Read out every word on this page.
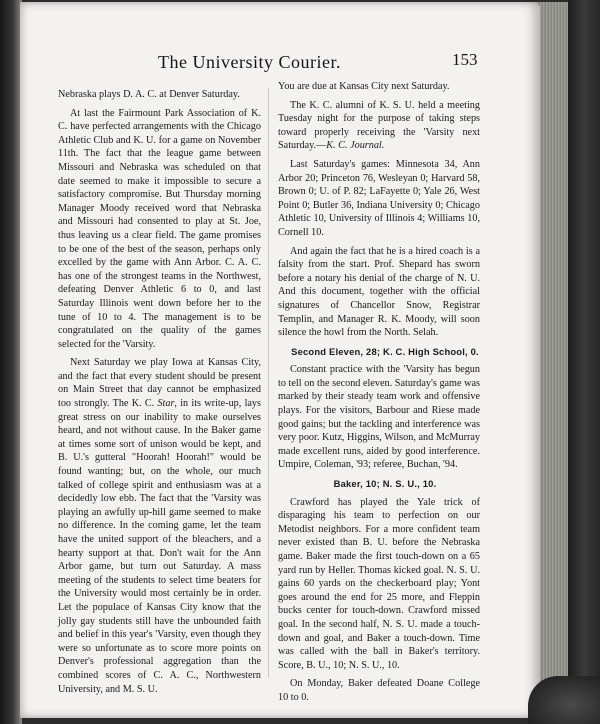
The University Courier.	153

Nebraska plays D. A. C. at Denver Saturday.

At last the Fairmount Park Association of K. C. have perfected arrangements with the Chicago Athletic Club and K. U. for a game on November 11th. The fact that the league game between Missouri and Nebraska was scheduled on that date seemed to make it impossible to secure a satisfactory compromise. But Thursday morning Manager Moody received word that Nebraska and Missouri had consented to play at St. Joe, thus leaving us a clear field. The game promises to be one of the best of the season, perhaps only excelled by the game with Ann Arbor. C. A. C. has one of the strongest teams in the Northwest, defeating Denver Athletic 6 to 0, and last Saturday Illinois went down before her to the tune of 10 to 4. The management is to be congratulated on the quality of the games selected for the 'Varsity.

Next Saturday we play Iowa at Kansas City, and the fact that every student should be present on Main Street that day cannot be emphasized too strongly. The K. C. Star, in its write-up, lays great stress on our inability to make ourselves heard, and not without cause. In the Baker game at times some sort of unison would be kept, and B. U.'s gutteral "Hoorah! Hoorah!" would be found wanting; but, on the whole, our much talked of college spirit and enthusiasm was at a decidedly low ebb. The fact that the 'Varsity was playing an awfully up-hill game seemed to make no difference. In the coming game, let the team have the united support of the bleachers, and a hearty support at that. Don't wait for the Ann Arbor game, but turn out Saturday. A mass meeting of the students to select time beaters for the University would most certainly be in order. Let the populace of Kansas City know that the jolly gay students still have the unbounded faith and belief in this year's 'Varsity, even though they were so unfortunate as to score more points on Denver's professional aggregation than the combined scores of C. A. C., Northwestern University, and M. S. U.

You are due at Kansas City next Saturday.

The K. C. alumni of K. S. U. held a meeting Tuesday night for the purpose of taking steps toward properly receiving the 'Varsity next Saturday.—K. C. Journal.

Last Saturday's games: Minnesota 34, Ann Arbor 20; Princeton 76, Wesleyan 0; Harvard 58, Brown 0; U. of P. 82; LaFayette 0; Yale 26, West Point 0; Butler 36, Indiana University 0; Chicago Athletic 10, University of Illinois 4; Williams 10, Cornell 10.

And again the fact that he is a hired coach is a falsity from the start. Prof. Shepard has sworn before a notary his denial of the charge of N. U. And this document, together with the official signatures of Chancellor Snow, Registrar Templin, and Manager R. K. Moody, will soon silence the howl from the North. Selah.

Second Eleven, 28; K. C. High School, 0.

Constant practice with the 'Varsity has begun to tell on the second eleven. Saturday's game was marked by their steady team work and offensive plays. For the visitors, Barbour and Riese made good gains; but the tackling and interference was very poor. Kutz, Higgins, Wilson, and McMurray made excellent runs, aided by good interference. Umpire, Coleman, '93; referee, Buchan, '94.

Baker, 10; N. S. U., 10.

Crawford has played the Yale trick of disparaging his team to perfection on our Metodist neighbors. For a more confident team never existed than B. U. before the Nebraska game. Baker made the first touch-down on a 65 yard run by Heller. Thomas kicked goal. N. S. U. gains 60 yards on the checkerboard play; Yont goes around the end for 25 more, and Fleppin bucks center for touch-down. Crawford missed goal. In the second half, N. S. U. made a touch-down and goal, and Baker a touch-down. Time was called with the ball in Baker's territory. Score, B. U., 10; N. S. U., 10.

On Monday, Baker defeated Doane College 10 to 0.
